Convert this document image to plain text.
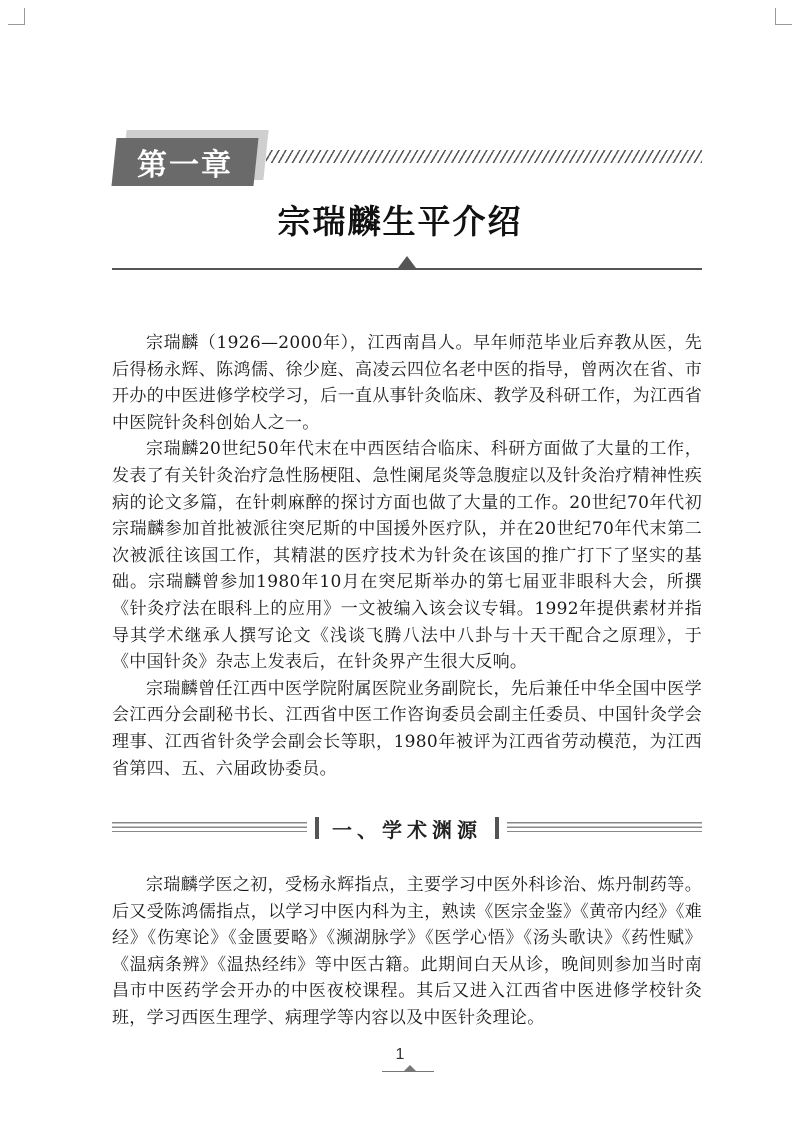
第一章
宗瑞麟生平介绍

宗瑞麟（1926—2000年），江西南昌人。早年师范毕业后弃教从医，先后得杨永辉、陈鸿儒、徐少庭、高凌云四位名老中医的指导，曾两次在省、市开办的中医进修学校学习，后一直从事针灸临床、教学及科研工作，为江西省中医院针灸科创始人之一。

宗瑞麟20世纪50年代末在中西医结合临床、科研方面做了大量的工作，发表了有关针灸治疗急性肠梗阻、急性阑尾炎等急腹症以及针灸治疗精神性疾病的论文多篇，在针刺麻醉的探讨方面也做了大量的工作。20世纪70年代初宗瑞麟参加首批被派往突尼斯的中国援外医疗队，并在20世纪70年代末第二次被派往该国工作，其精湛的医疗技术为针灸在该国的推广打下了坚实的基础。宗瑞麟曾参加1980年10月在突尼斯举办的第七届亚非眼科大会，所撰《针灸疗法在眼科上的应用》一文被编入该会议专辑。1992年提供素材并指导其学术继承人撰写论文《浅谈飞腾八法中八卦与十天干配合之原理》，于《中国针灸》杂志上发表后，在针灸界产生很大反响。

宗瑞麟曾任江西中医学院附属医院业务副院长，先后兼任中华全国中医学会江西分会副秘书长、江西省中医工作咨询委员会副主任委员、中国针灸学会理事、江西省针灸学会副会长等职，1980年被评为江西省劳动模范，为江西省第四、五、六届政协委员。

一、学术渊源

宗瑞麟学医之初，受杨永辉指点，主要学习中医外科诊治、炼丹制药等。后又受陈鸿儒指点，以学习中医内科为主，熟读《医宗金鉴》《黄帝内经》《难经》《伤寒论》《金匮要略》《濒湖脉学》《医学心悟》《汤头歌诀》《药性赋》《温病条辨》《温热经纬》等中医古籍。此期间白天从诊，晚间则参加当时南昌市中医药学会开办的中医夜校课程。其后又进入江西省中医进修学校针灸班，学习西医生理学、病理学等内容以及中医针灸理论。

1
